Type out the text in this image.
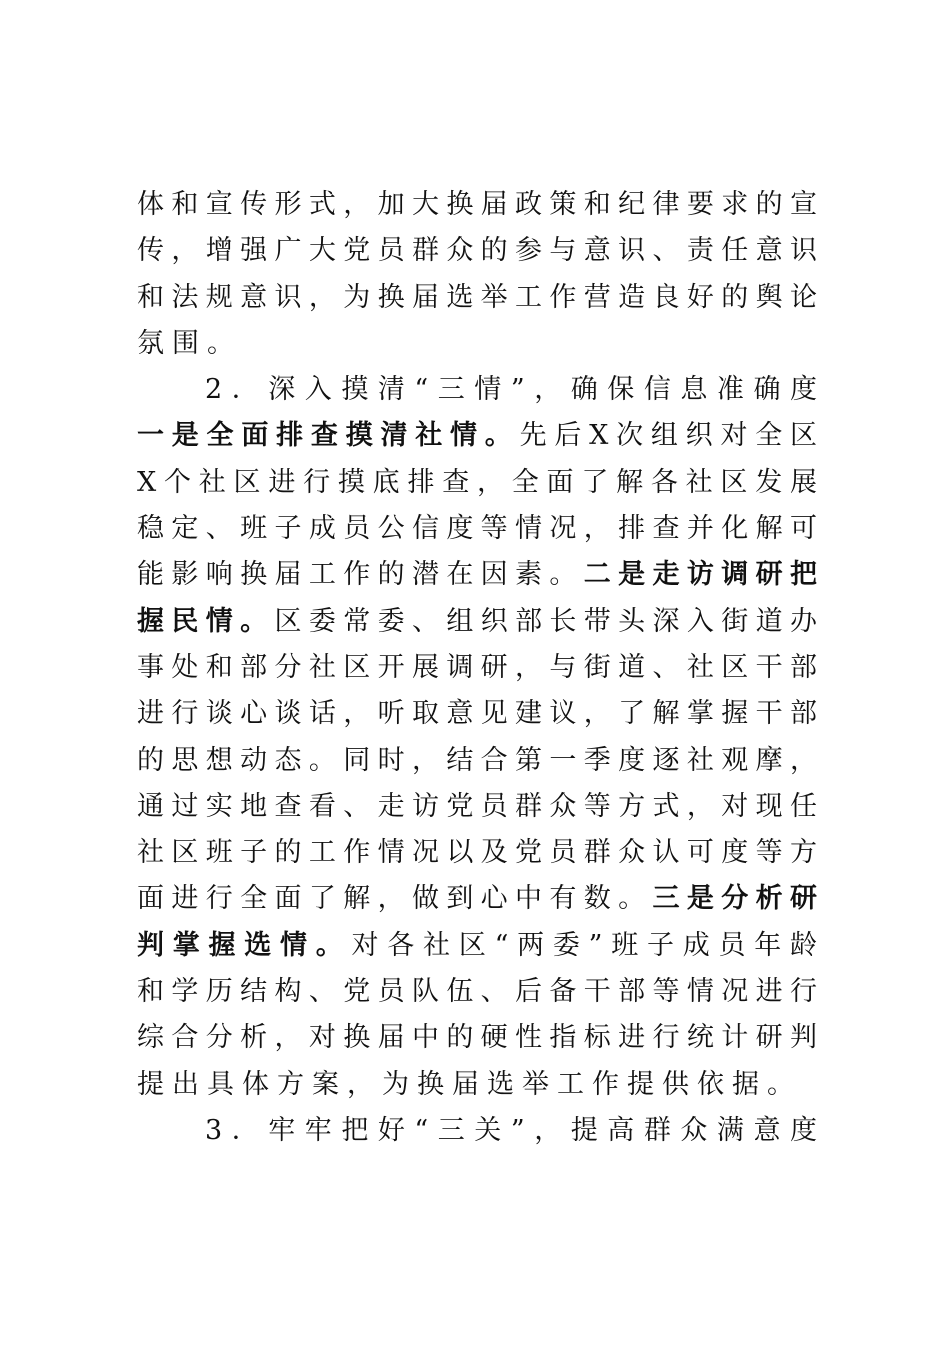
体和宣传形式，加大换届政策和纪律要求的宣
传，增强广大党员群众的参与意识、责任意识
和法规意识，为换届选举工作营造良好的舆论
氛围。
2．深入摸清“三情”，确保信息准确度
一是全面排查摸清社情。先后X次组织对全区
X个社区进行摸底排查，全面了解各社区发展
稳定、班子成员公信度等情况，排查并化解可
能影响换届工作的潜在因素。二是走访调研把
握民情。区委常委、组织部长带头深入街道办
事处和部分社区开展调研，与街道、社区干部
进行谈心谈话，听取意见建议，了解掌握干部
的思想动态。同时，结合第一季度逐社观摩，
通过实地查看、走访党员群众等方式，对现任
社区班子的工作情况以及党员群众认可度等方
面进行全面了解，做到心中有数。三是分析研
判掌握选情。对各社区“两委”班子成员年龄
和学历结构、党员队伍、后备干部等情况进行
综合分析，对换届中的硬性指标进行统计研判
提出具体方案，为换届选举工作提供依据。
3．牢牢把好“三关”，提高群众满意度
